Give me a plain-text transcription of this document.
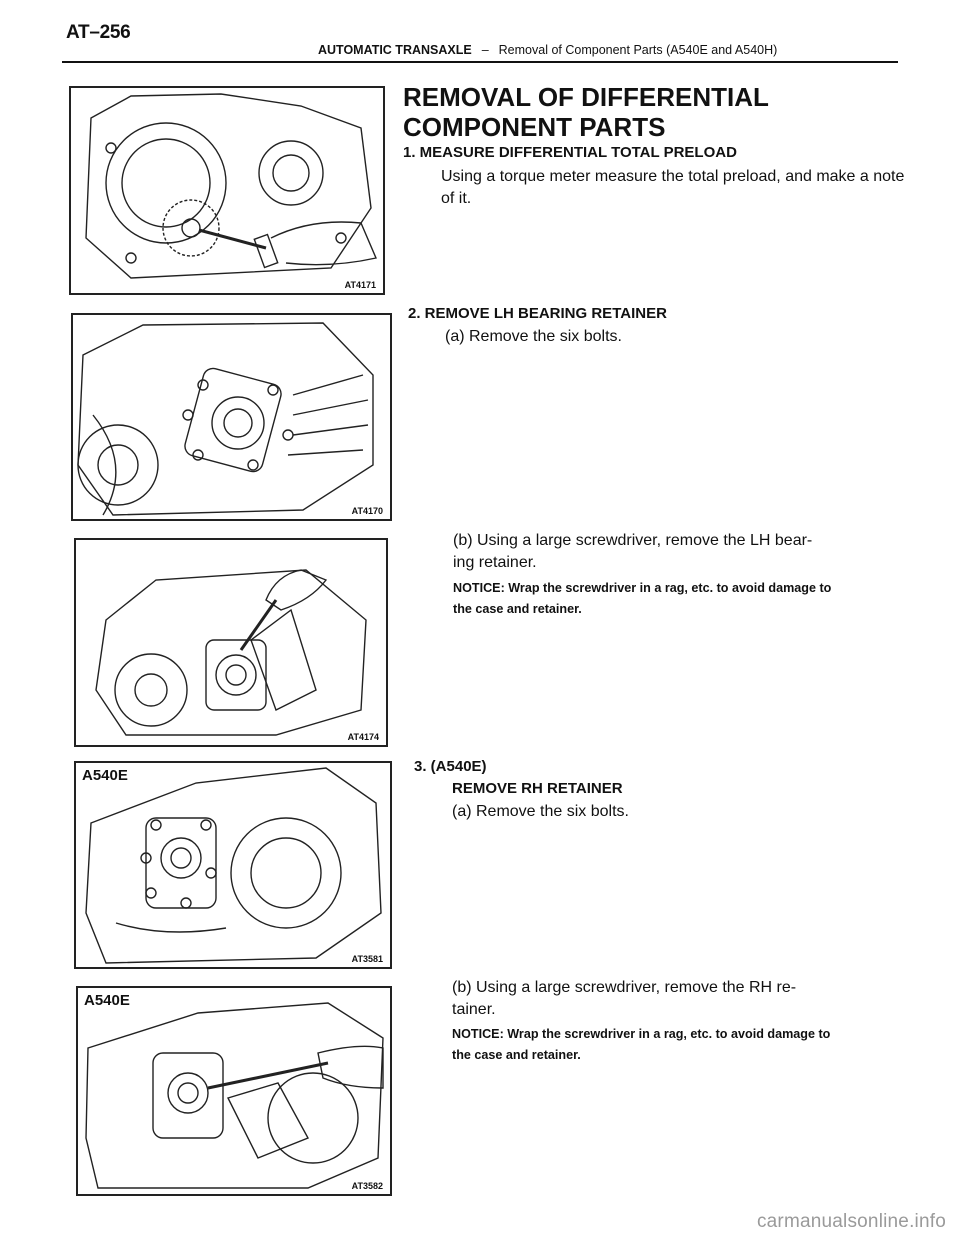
AT–256
AUTOMATIC TRANSAXLE – Removal of Component Parts (A540E and A540H)
AT4171
REMOVAL OF DIFFERENTIAL COMPONENT PARTS
1. MEASURE DIFFERENTIAL TOTAL PRELOAD
Using a torque meter measure the total preload, and make a note of it.
AT4170
2. REMOVE LH BEARING RETAINER
(a) Remove the six bolts.
AT4174
(b) Using a large screwdriver, remove the LH bear- ing retainer.
NOTICE: Wrap the screwdriver in a rag, etc. to avoid damage to the case and retainer.
A540E
AT3581
3. (A540E)
REMOVE RH RETAINER
(a) Remove the six bolts.
A540E
AT3582
(b) Using a large screwdriver, remove the RH re- tainer.
NOTICE: Wrap the screwdriver in a rag, etc. to avoid damage to the case and retainer.
carmanualsonline.info
